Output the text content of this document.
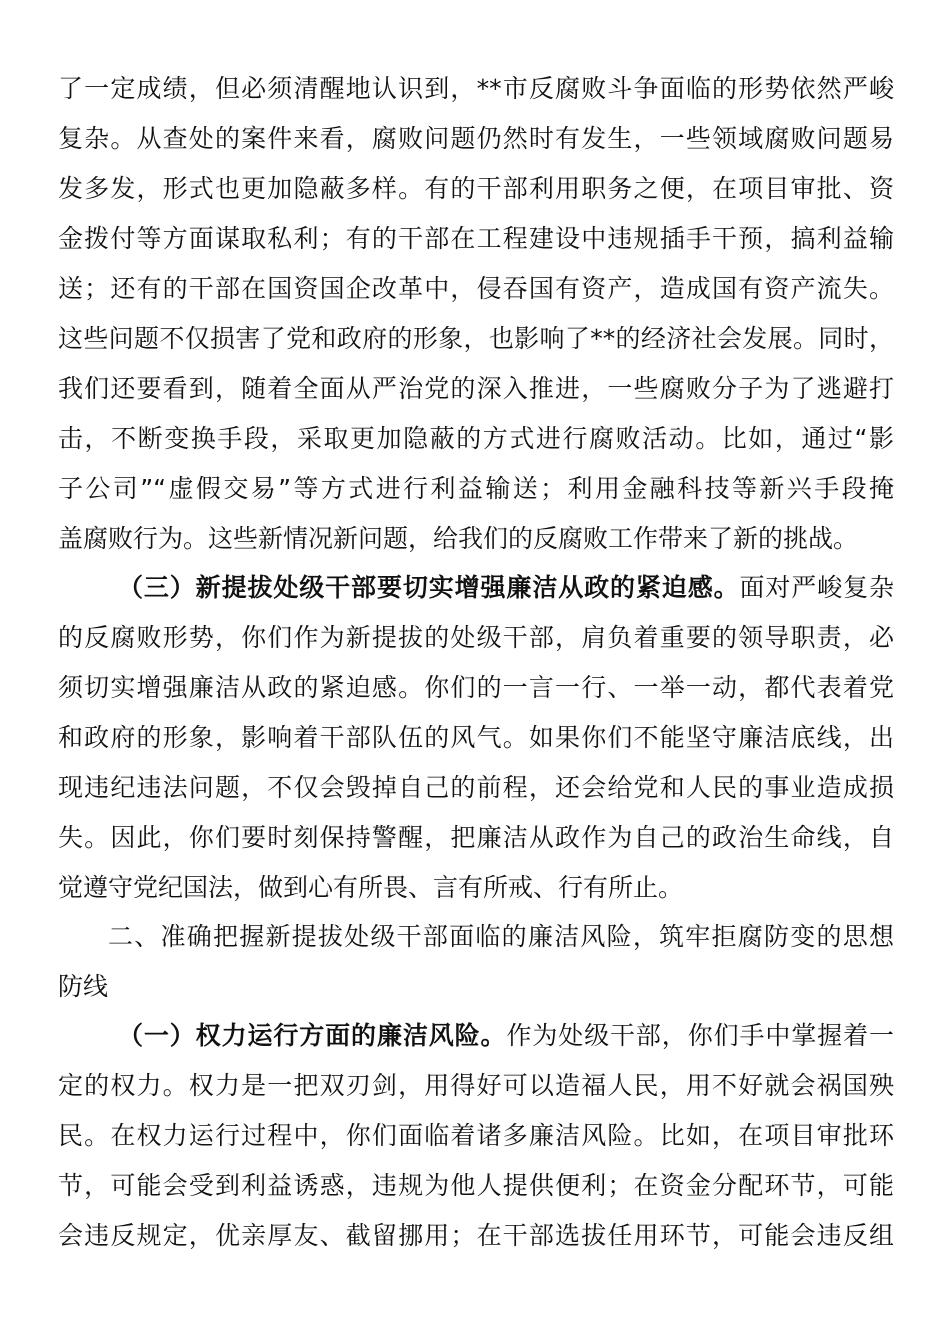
了一定成绩，但必须清醒地认识到，**市反腐败斗争面临的形势依然严峻
复杂。从查处的案件来看，腐败问题仍然时有发生，一些领域腐败问题易
发多发，形式也更加隐蔽多样。有的干部利用职务之便，在项目审批、资
金拨付等方面谋取私利；有的干部在工程建设中违规插手干预，搞利益输
送；还有的干部在国资国企改革中，侵吞国有资产，造成国有资产流失。
这些问题不仅损害了党和政府的形象，也影响了**的经济社会发展。同时，
我们还要看到，随着全面从严治党的深入推进，一些腐败分子为了逃避打
击，不断变换手段，采取更加隐蔽的方式进行腐败活动。比如，通过“影
子公司”“虚假交易”等方式进行利益输送；利用金融科技等新兴手段掩
盖腐败行为。这些新情况新问题，给我们的反腐败工作带来了新的挑战。
（三）新提拔处级干部要切实增强廉洁从政的紧迫感。面对严峻复杂
的反腐败形势，你们作为新提拔的处级干部，肩负着重要的领导职责，必
须切实增强廉洁从政的紧迫感。你们的一言一行、一举一动，都代表着党
和政府的形象，影响着干部队伍的风气。如果你们不能坚守廉洁底线，出
现违纪违法问题，不仅会毁掉自己的前程，还会给党和人民的事业造成损
失。因此，你们要时刻保持警醒，把廉洁从政作为自己的政治生命线，自
觉遵守党纪国法，做到心有所畏、言有所戒、行有所止。
二、准确把握新提拔处级干部面临的廉洁风险，筑牢拒腐防变的思想
防线
（一）权力运行方面的廉洁风险。作为处级干部，你们手中掌握着一
定的权力。权力是一把双刃剑，用得好可以造福人民，用不好就会祸国殃
民。在权力运行过程中，你们面临着诸多廉洁风险。比如，在项目审批环
节，可能会受到利益诱惑，违规为他人提供便利；在资金分配环节，可能
会违反规定，优亲厚友、截留挪用；在干部选拔任用环节，可能会违反组
